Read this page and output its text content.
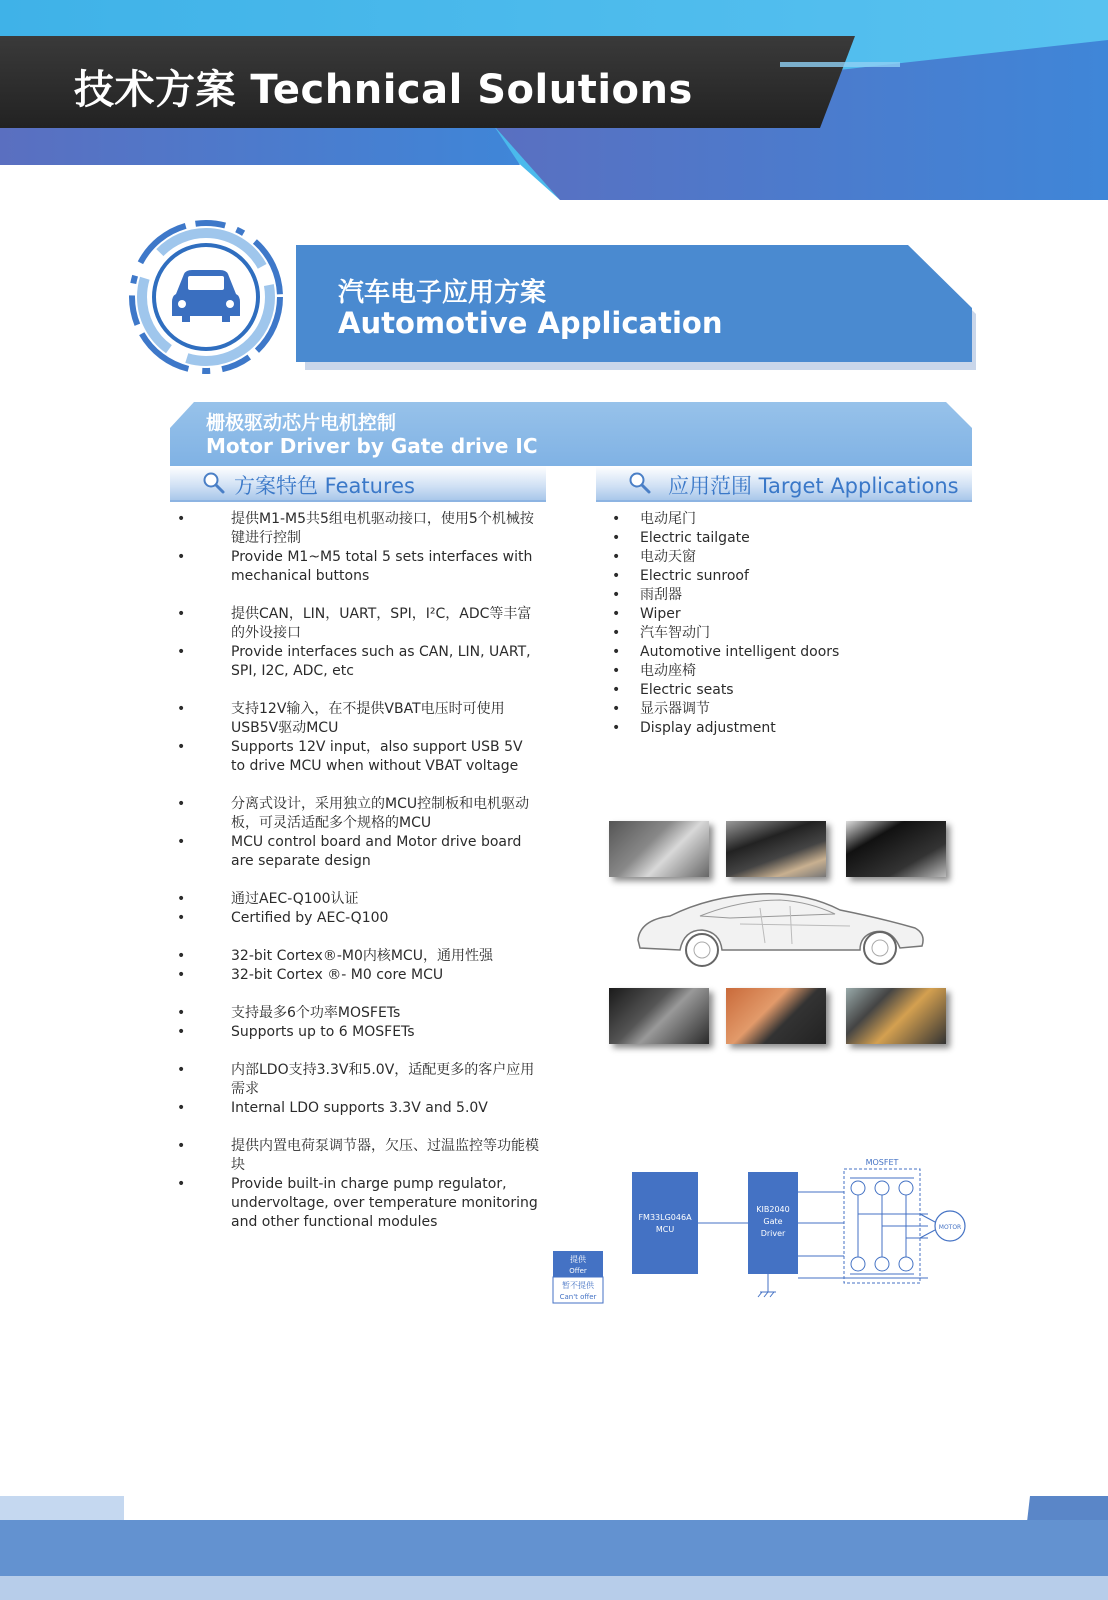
技术方案 Technical Solutions
汽车电子应用方案
Automotive Application
栅极驱动芯片电机控制
Motor Driver by Gate drive IC
方案特色 Features	应用范围 Target Applications
•	提供M1-M5共5组电机驱动接口，使用5个机械按键进行控制
•	Provide M1~M5 total 5 sets interfaces with mechanical buttons
•	提供CAN，LIN，UART，SPI，I²C，ADC等丰富的外设接口
•	Provide interfaces such as CAN, LIN, UART, SPI, I2C, ADC, etc
•	支持12V输入，在不提供VBAT电压时可使用USB5V驱动MCU
•	Supports 12V input，also support USB 5V to drive MCU when without VBAT voltage
•	分离式设计，采用独立的MCU控制板和电机驱动板，可灵活适配多个规格的MCU
•	MCU control board and Motor drive board are separate design
•	通过AEC-Q100认证
•	Certified by AEC-Q100
•	32-bit Cortex®-M0内核MCU，通用性强
•	32-bit Cortex ®- M0 core MCU
•	支持最多6个功率MOSFETs
•	Supports up to 6 MOSFETs
•	内部LDO支持3.3V和5.0V，适配更多的客户应用需求
•	Internal LDO supports 3.3V and 5.0V
•	提供内置电荷泵调节器，欠压、过温监控等功能模块
•	Provide built-in charge pump regulator, undervoltage, over temperature monitoring and other functional modules
• 电动尾门
• Electric tailgate
• 电动天窗
• Electric sunroof
• 雨刮器
• Wiper
• 汽车智动门
• Automotive intelligent doors
• 电动座椅
• Electric seats
• 显示器调节
• Display adjustment
FM33LG046A
MCU
KIB2040
Gate
Driver
MOSFET
MOTOR
提供
Offer
暂不提供
Can't offer
